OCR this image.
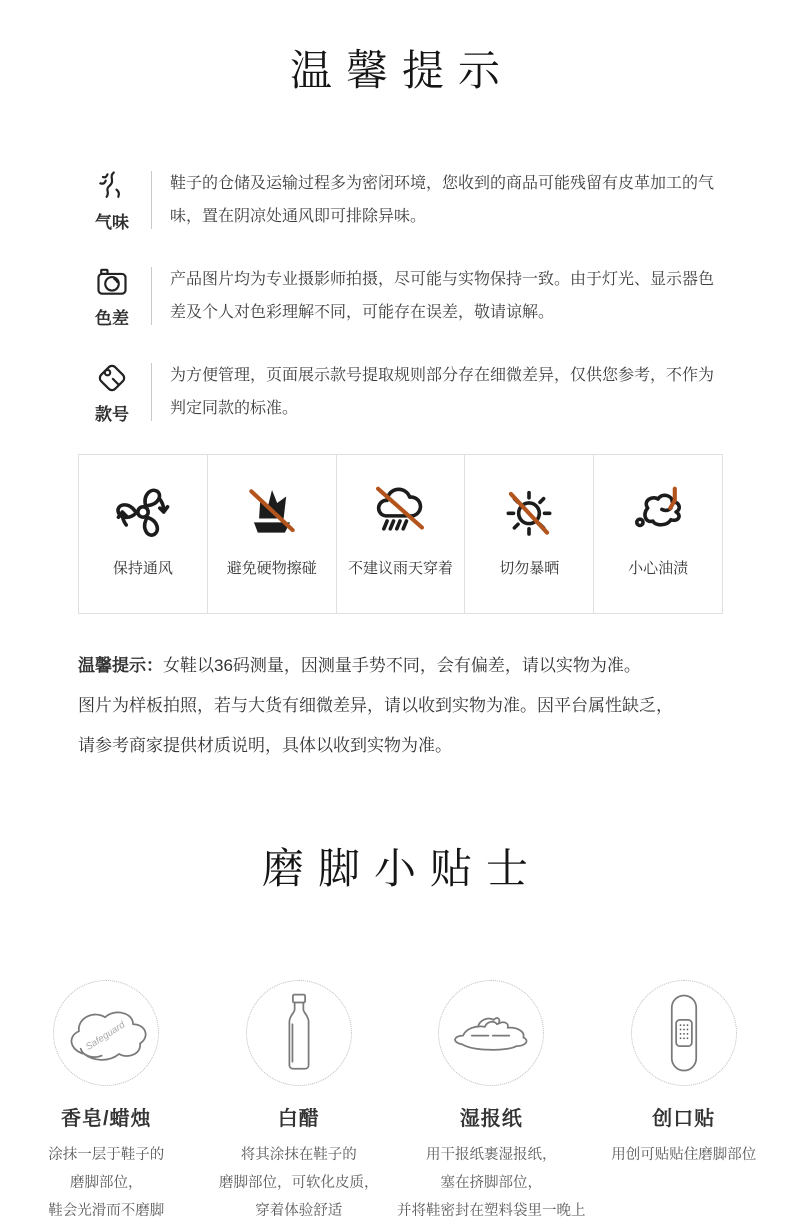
温馨提示
气味
鞋子的仓储及运输过程多为密闭环境，您收到的商品可能残留有皮革加工的气味，置在阴凉处通风即可排除异味。
色差
产品图片均为专业摄影师拍摄，尽可能与实物保持一致。由于灯光、显示器色差及个人对色彩理解不同，可能存在误差，敬请谅解。
款号
为方便管理，页面展示款号提取规则部分存在细微差异，仅供您参考，不作为判定同款的标准。
保持通风	避免硬物擦碰 不建议雨天穿着	切勿暴晒	小心油渍
温馨提示：女鞋以36码测量，因测量手势不同，会有偏差，请以实物为准。
图片为样板拍照，若与大货有细微差异，请以收到实物为准。因平台属性缺乏，
请参考商家提供材质说明，具体以收到实物为准。
磨脚小贴士
Safeguard
香皂/蜡烛
涂抹一层于鞋子的
磨脚部位，
鞋会光滑而不磨脚
白醋
将其涂抹在鞋子的
磨脚部位，可软化皮质，
穿着体验舒适
湿报纸
用干报纸裹湿报纸，
塞在挤脚部位，
并将鞋密封在塑料袋里一晚上
创口贴
用创可贴贴住磨脚部位
